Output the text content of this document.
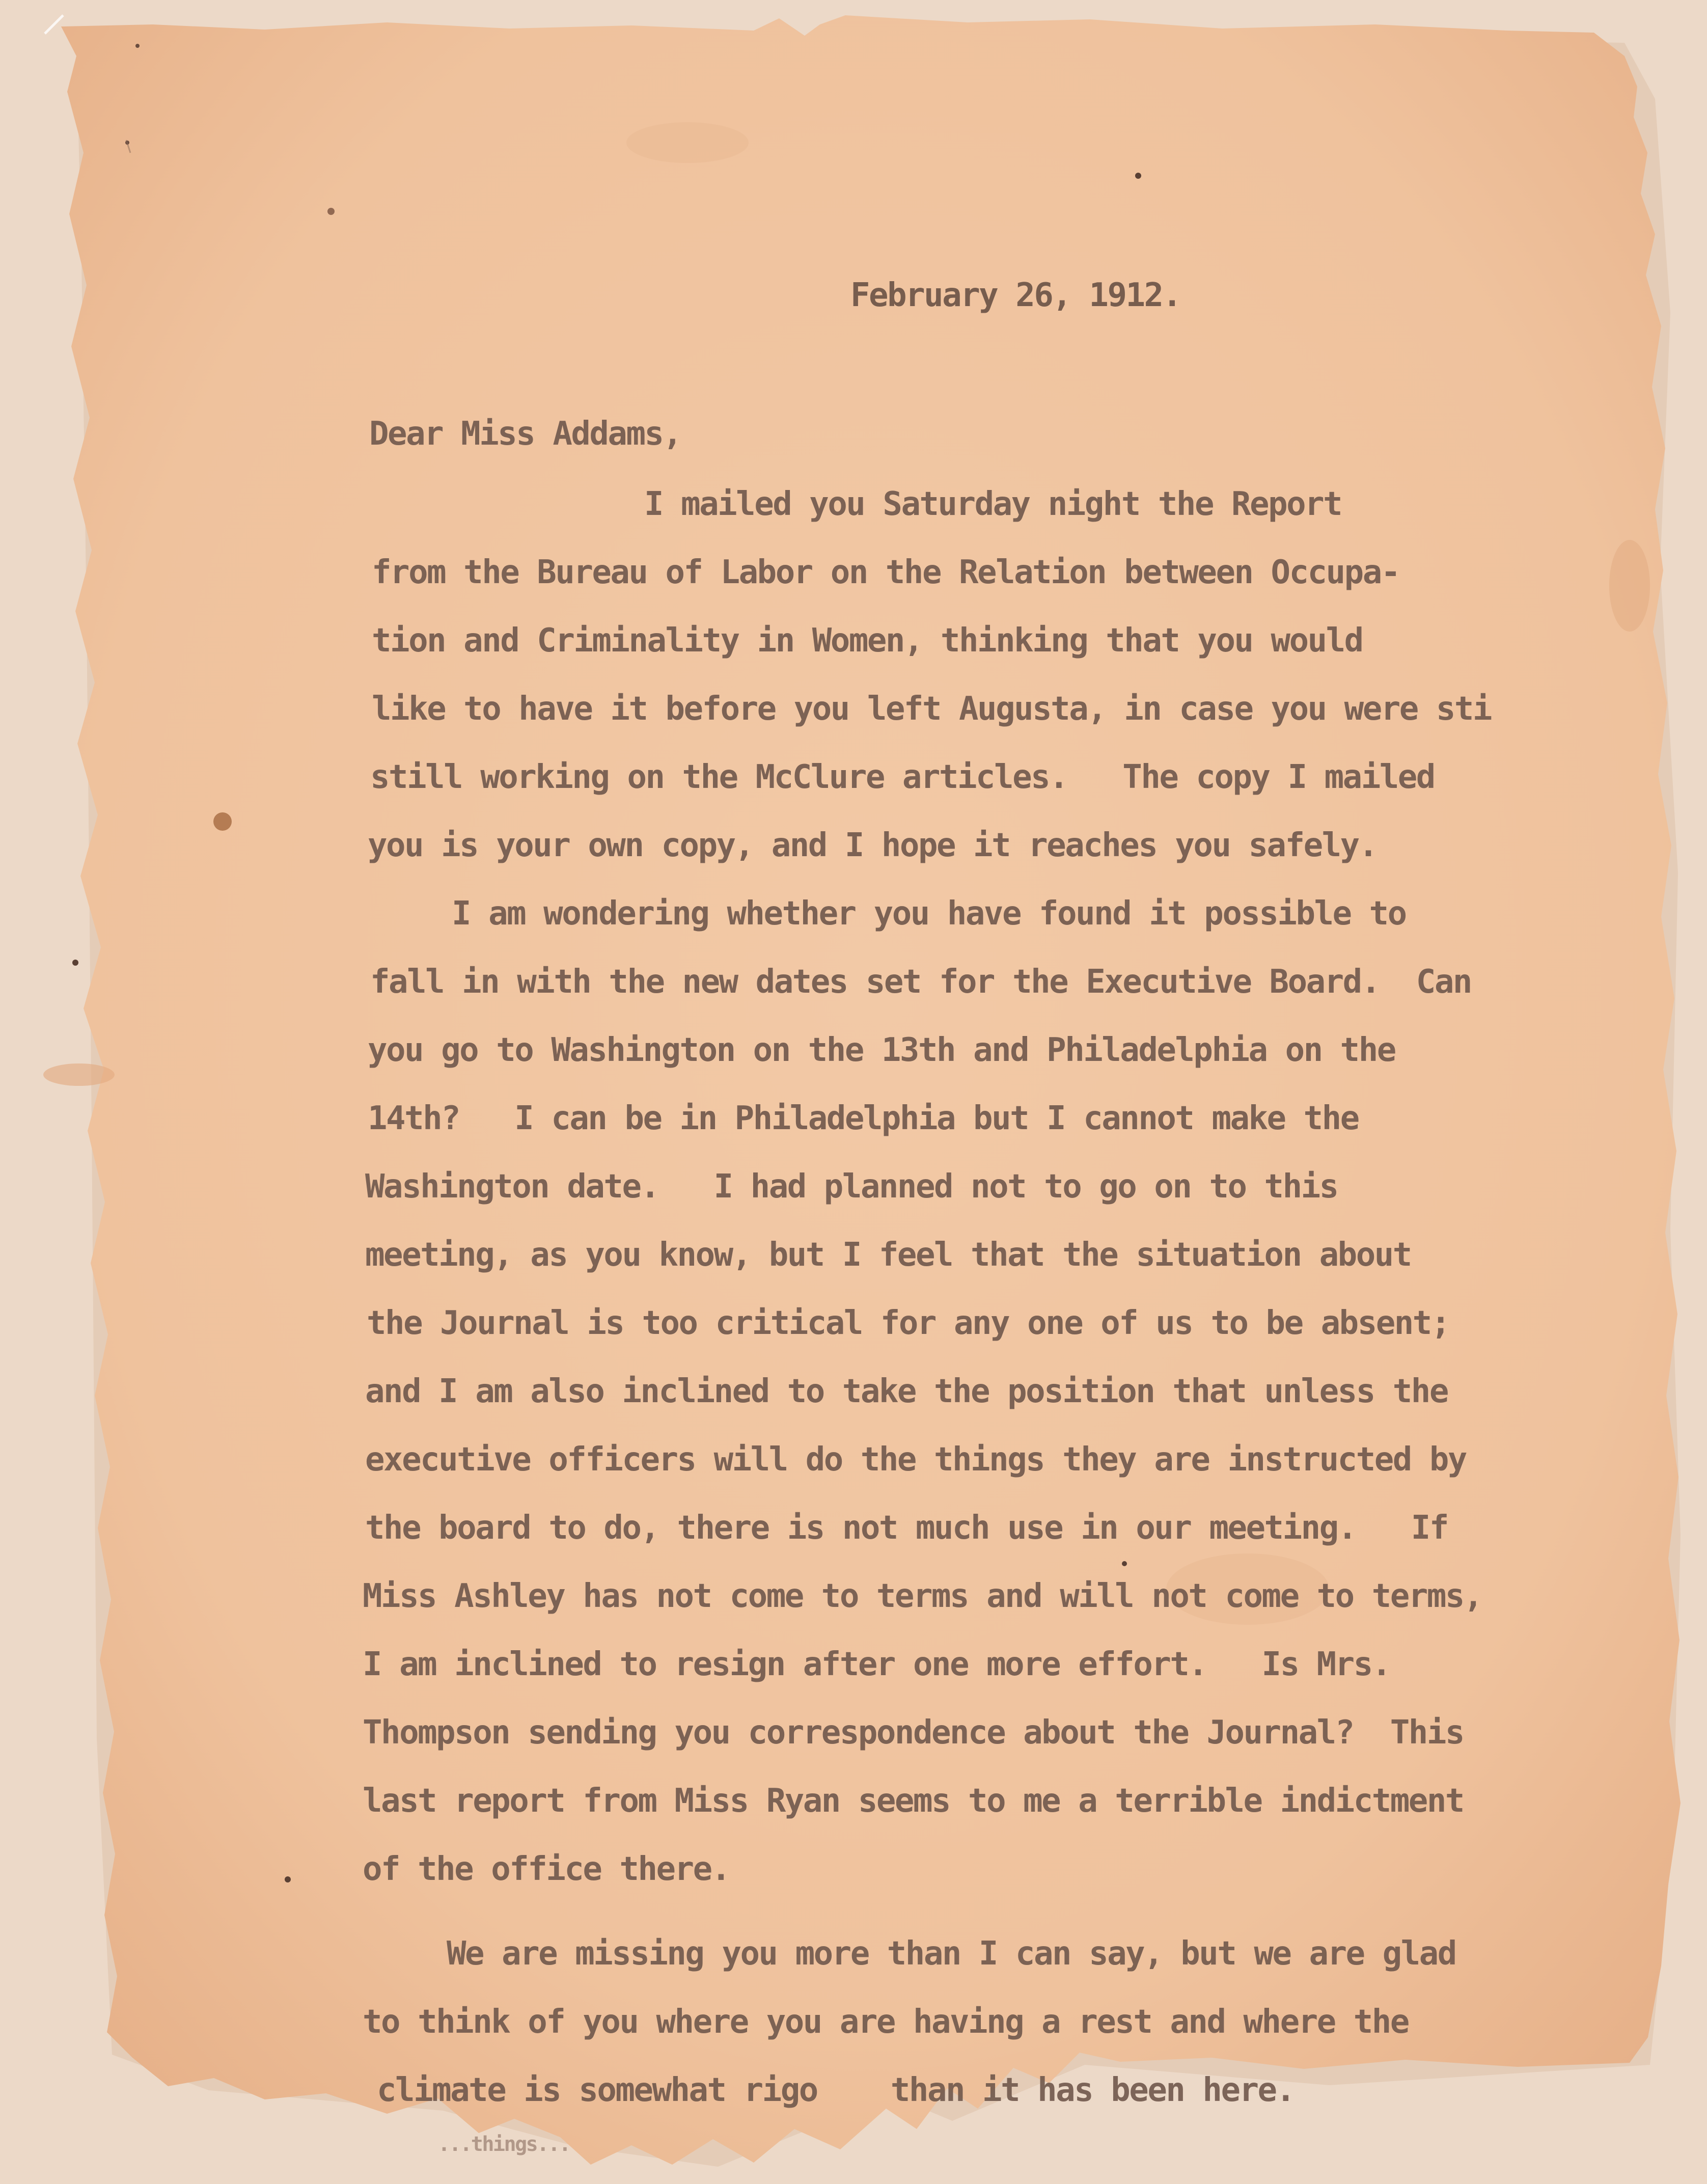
February 26, 1912.

Dear Miss Addams,

I mailed you Saturday night the Report

from the Bureau of Labor on the Relation between Occupa-

tion and Criminality in Women, thinking that you would

like to have it before you left Augusta, in case you were sti

still working on the McClure articles.   The copy I mailed

you is your own copy, and I hope it reaches you safely.

I am wondering whether you have found it possible to

fall in with the new dates set for the Executive Board.  Can

you go to Washington on the 13th and Philadelphia on the

14th?   I can be in Philadelphia but I cannot make the

Washington date.   I had planned not to go on to this

meeting, as you know, but I feel that the situation about

the Journal is too critical for any one of us to be absent;

and I am also inclined to take the position that unless the

executive officers will do the things they are instructed by

the board to do, there is not much use in our meeting.   If

Miss Ashley has not come to terms and will not come to terms,

I am inclined to resign after one more effort.   Is Mrs.

Thompson sending you correspondence about the Journal?  This

last report from Miss Ryan seems to me a terrible indictment

of the office there.

We are missing you more than I can say, but we are glad

to think of you where you are having a rest and where the

climate is somewhat rigo    than it has been here.

...things...
